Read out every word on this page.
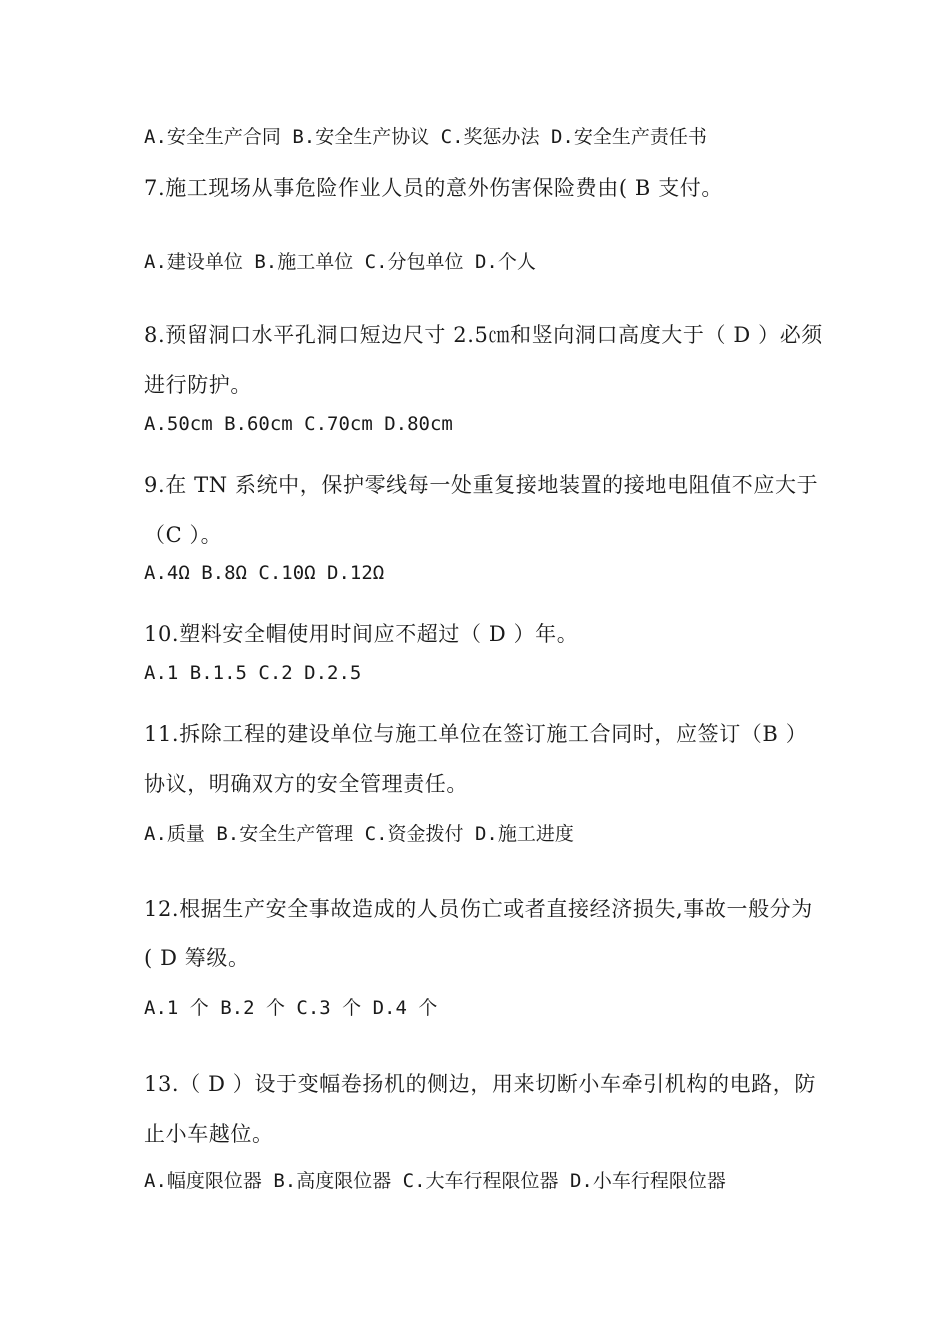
A.安全生产合同 B.安全生产协议 C.奖惩办法 D.安全生产责任书
7.施工现场从事危险作业人员的意外伤害保险费由( B 支付。
A.建设单位 B.施工单位 C.分包单位 D.个人
8.预留洞口水平孔洞口短边尺寸 2.5㎝和竖向洞口高度大于（ D ）必须
进行防护。
A.50cm B.60cm C.70cm D.80cm
9.在 TN 系统中，保护零线每一处重复接地装置的接地电阻值不应大于
（C ）。
A.4Ω B.8Ω C.10Ω D.12Ω
10.塑料安全帽使用时间应不超过（ D ）年。
A.1 B.1.5 C.2 D.2.5
11.拆除工程的建设单位与施工单位在签订施工合同时，应签订（B ）
协议，明确双方的安全管理责任。
A.质量 B.安全生产管理 C.资金拨付 D.施工进度
12.根据生产安全事故造成的人员伤亡或者直接经济损失,事故一般分为
( D 筹级。
A.1 个 B.2 个 C.3 个 D.4 个
13.（ D ）设于变幅卷扬机的侧边，用来切断小车牵引机构的电路，防
止小车越位。
A.幅度限位器 B.高度限位器 C.大车行程限位器 D.小车行程限位器
